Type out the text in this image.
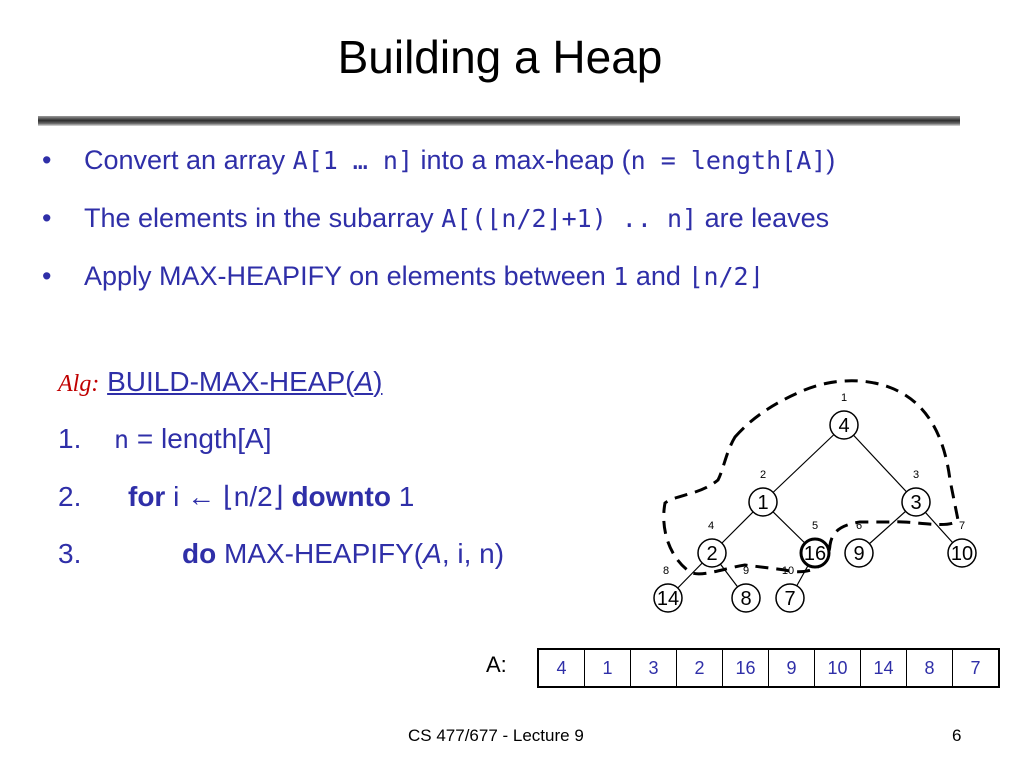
Building a Heap
• Convert an array A[1 … n] into a max-heap (n = length[A])
• The elements in the subarray A[(⌊n/2⌋+1) .. n] are leaves
• Apply MAX-HEAPIFY on elements between 1 and ⌊n/2⌋
Alg: BUILD-MAX-HEAP(A)
1. n = length[A]
2. for i ← ⌊n/2⌋ downto 1
3.	do MAX-HEAPIFY(A, i, n)
4
1
1
2
3
3
2
4
16
5
9
6
10
7
14
8
8
9
7
10
A:	4	1	3	2	16	9	10	14	8	7
CS 477/677 - Lecture 9	6
